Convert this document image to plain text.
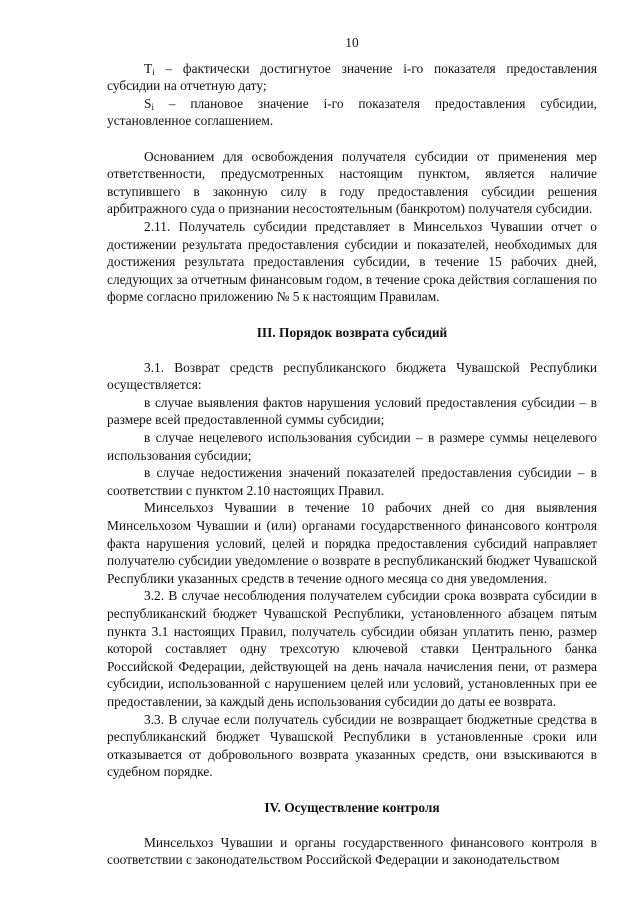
10

$T_i$ – фактически достигнутое значение i-го показателя предоставления субсидии на отчетную дату;

$S_i$ – плановое значение i-го показателя предоставления субсидии, установленное соглашением.

Основанием для освобождения получателя субсидии от применения мер ответственности, предусмотренных настоящим пунктом, является наличие вступившего в законную силу в году предоставления субсидии решения арбитражного суда о признании несостоятельным (банкротом) получателя субсидии.

2.11. Получатель субсидии представляет в Минсельхоз Чувашии отчет о достижении результата предоставления субсидии и показателей, необходимых для достижения результата предоставления субсидии, в течение 15 рабочих дней, следующих за отчетным финансовым годом, в течение срока действия соглашения по форме согласно приложению № 5 к настоящим Правилам.

III. Порядок возврата субсидий

3.1. Возврат средств республиканского бюджета Чувашской Республики осуществляется:

в случае выявления фактов нарушения условий предоставления субсидии – в размере всей предоставленной суммы субсидии;

в случае нецелевого использования субсидии – в размере суммы нецелевого использования субсидии;

в случае недостижения значений показателей предоставления субсидии – в соответствии с пунктом 2.10 настоящих Правил.

Минсельхоз Чувашии в течение 10 рабочих дней со дня выявления Минсельхозом Чувашии и (или) органами государственного финансового контроля факта нарушения условий, целей и порядка предоставления субсидий направляет получателю субсидии уведомление о возврате в республиканский бюджет Чувашской Республики указанных средств в течение одного месяца со дня уведомления.

3.2. В случае несоблюдения получателем субсидии срока возврата субсидии в республиканский бюджет Чувашской Республики, установленного абзацем пятым пункта 3.1 настоящих Правил, получатель субсидии обязан уплатить пеню, размер которой составляет одну трехсотую ключевой ставки Центрального банка Российской Федерации, действующей на день начала начисления пени, от размера субсидии, использованной с нарушением целей или условий, установленных при ее предоставлении, за каждый день использования субсидии до даты ее возврата.

3.3. В случае если получатель субсидии не возвращает бюджетные средства в республиканский бюджет Чувашской Республики в установленные сроки или отказывается от добровольного возврата указанных средств, они взыскиваются в судебном порядке.

IV. Осуществление контроля

Минсельхоз Чувашии и органы государственного финансового контроля в соответствии с законодательством Российской Федерации и законодательством
